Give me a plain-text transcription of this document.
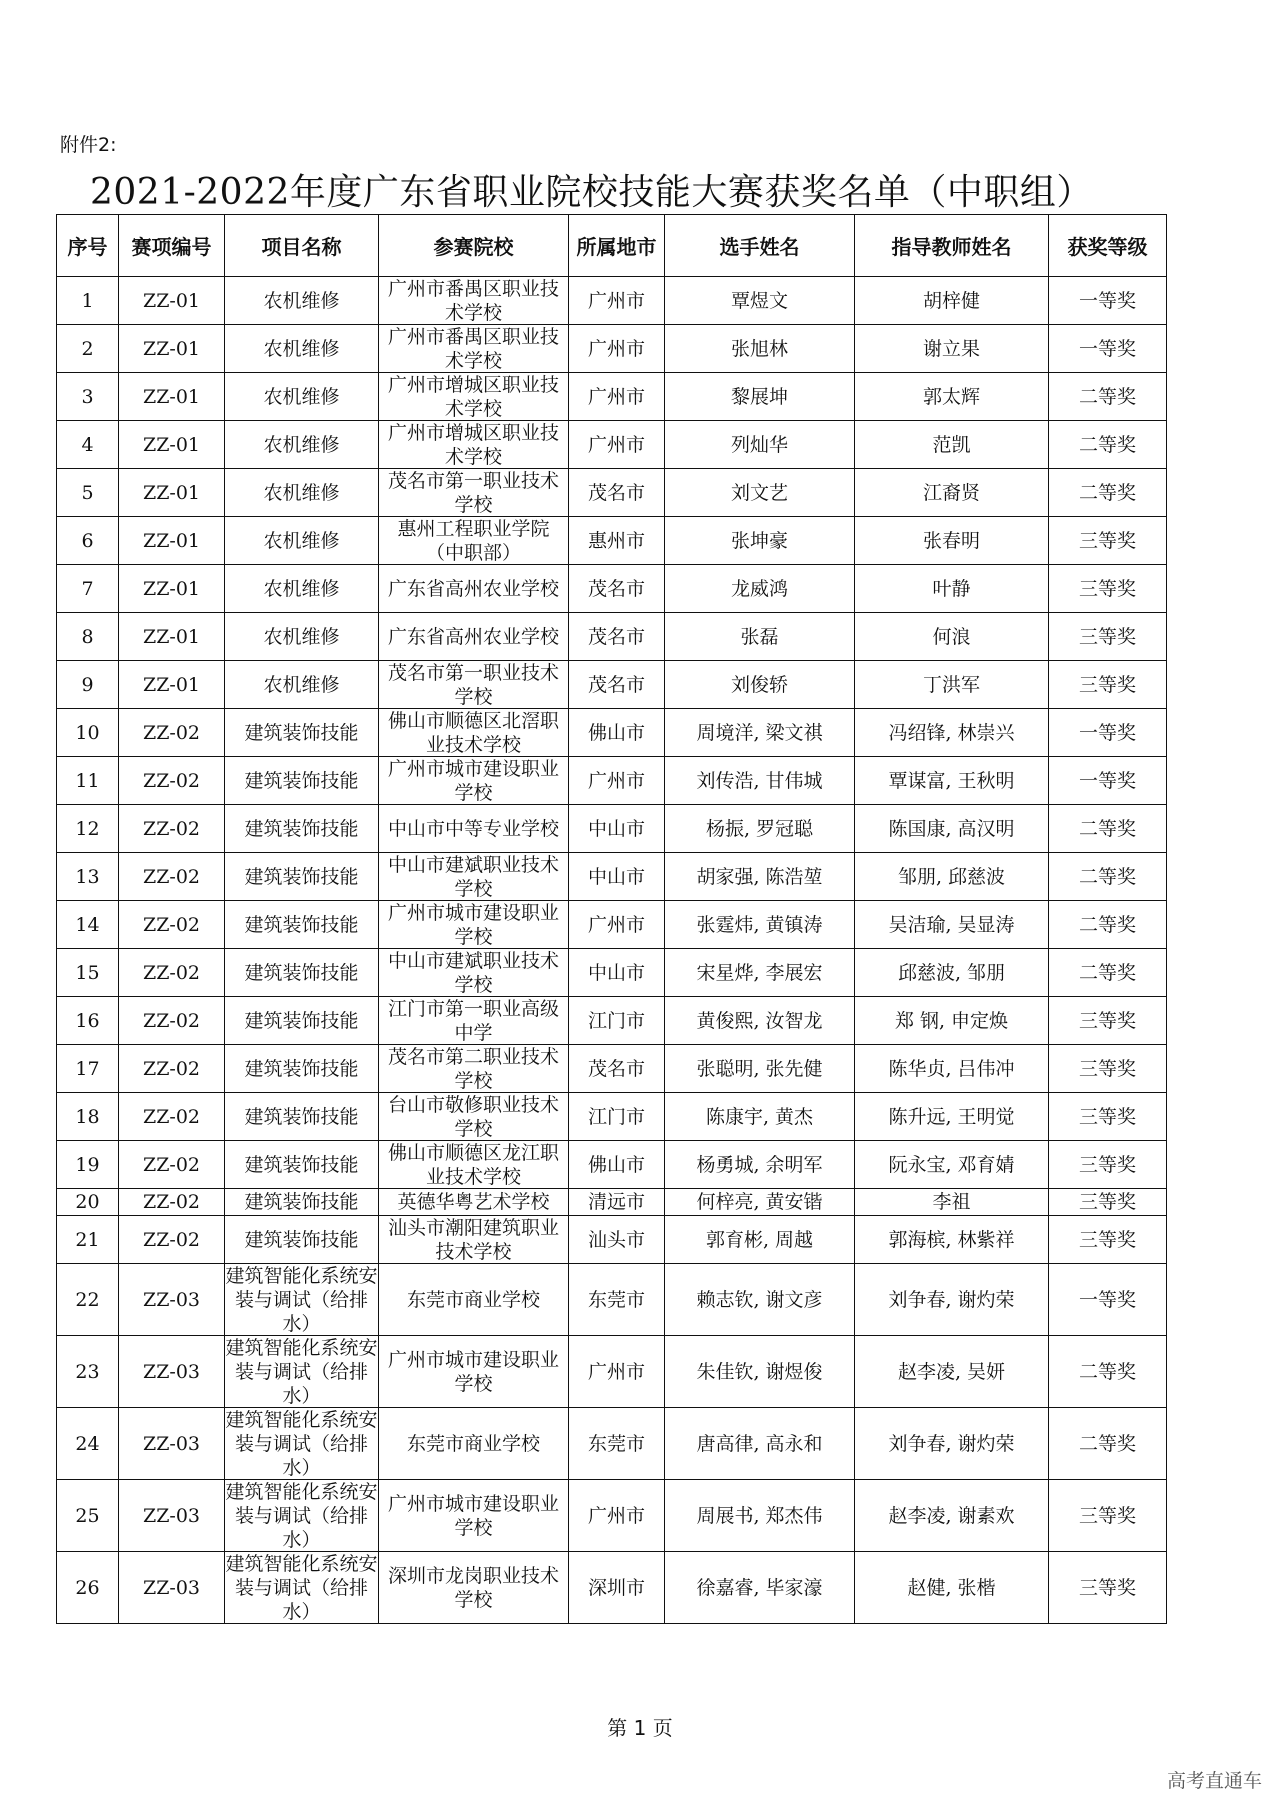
附件2:
2021-2022年度广东省职业院校技能大赛获奖名单（中职组）
序号	赛项编号	项目名称	参赛院校	所属地市	选手姓名	指导教师姓名	获奖等级

1	ZZ-01	农机维修	广州市番禺区职业技术学校	广州市	覃煜文	胡梓健	一等奖

2	ZZ-01	农机维修	广州市番禺区职业技术学校	广州市	张旭林	谢立果	一等奖

3	ZZ-01	农机维修	广州市增城区职业技术学校	广州市	黎展坤	郭太辉	二等奖

4	ZZ-01	农机维修	广州市增城区职业技术学校	广州市	列灿华	范凯	二等奖

5	ZZ-01	农机维修	茂名市第一职业技术学校	茂名市	刘文艺	江裔贤	二等奖

6	ZZ-01	农机维修	惠州工程职业学院（中职部）	惠州市	张坤豪	张春明	三等奖

7	ZZ-01	农机维修	广东省高州农业学校	茂名市	龙威鸿	叶静	三等奖

8	ZZ-01	农机维修	广东省高州农业学校	茂名市	张磊	何浪	三等奖

9	ZZ-01	农机维修	茂名市第一职业技术学校	茂名市	刘俊轿	丁洪军	三等奖

10	ZZ-02	建筑装饰技能	佛山市顺德区北滘职业技术学校	佛山市	周境洋, 梁文祺	冯绍锋, 林崇兴	一等奖

11	ZZ-02	建筑装饰技能	广州市城市建设职业学校	广州市	刘传浩, 甘伟城	覃谋富, 王秋明	一等奖

12	ZZ-02	建筑装饰技能	中山市中等专业学校	中山市	杨振, 罗冠聪	陈国康, 高汉明	二等奖

13	ZZ-02	建筑装饰技能	中山市建斌职业技术学校	中山市	胡家强, 陈浩堃	邹朋, 邱慈波	二等奖

14	ZZ-02	建筑装饰技能	广州市城市建设职业学校	广州市	张霆炜, 黄镇涛	吴洁瑜, 吴显涛	二等奖

15	ZZ-02	建筑装饰技能	中山市建斌职业技术学校	中山市	宋星烨, 李展宏	邱慈波, 邹朋	二等奖

16	ZZ-02	建筑装饰技能	江门市第一职业高级中学	江门市	黄俊熙, 汝智龙	郑 钢, 申定焕	三等奖

17	ZZ-02	建筑装饰技能	茂名市第二职业技术学校	茂名市	张聪明, 张先健	陈华贞, 吕伟冲	三等奖

18	ZZ-02	建筑装饰技能	台山市敬修职业技术学校	江门市	陈康宇, 黄杰	陈升远, 王明觉	三等奖

19	ZZ-02	建筑装饰技能	佛山市顺德区龙江职业技术学校	佛山市	杨勇城, 余明军	阮永宝, 邓育婧	三等奖

20	ZZ-02	建筑装饰技能	英德华粤艺术学校	清远市	何梓亮, 黄安锴	李祖	三等奖

21	ZZ-02	建筑装饰技能	汕头市潮阳建筑职业技术学校	汕头市	郭育彬, 周越	郭海槟, 林紫祥	三等奖

22	ZZ-03	建筑智能化系统安装与调试（给排水）	东莞市商业学校	东莞市	赖志钦, 谢文彦	刘争春, 谢灼荣	一等奖

23	ZZ-03	建筑智能化系统安装与调试（给排水）	广州市城市建设职业学校	广州市	朱佳钦, 谢煜俊	赵李凌, 吴妍	二等奖

24	ZZ-03	建筑智能化系统安装与调试（给排水）	东莞市商业学校	东莞市	唐高律, 高永和	刘争春, 谢灼荣	二等奖

25	ZZ-03	建筑智能化系统安装与调试（给排水）	广州市城市建设职业学校	广州市	周展书, 郑杰伟	赵李凌, 谢素欢	三等奖

26	ZZ-03	建筑智能化系统安装与调试（给排水）	深圳市龙岗职业技术学校	深圳市	徐嘉睿, 毕家濠	赵健, 张楷	三等奖
第 1 页
高考直通车
